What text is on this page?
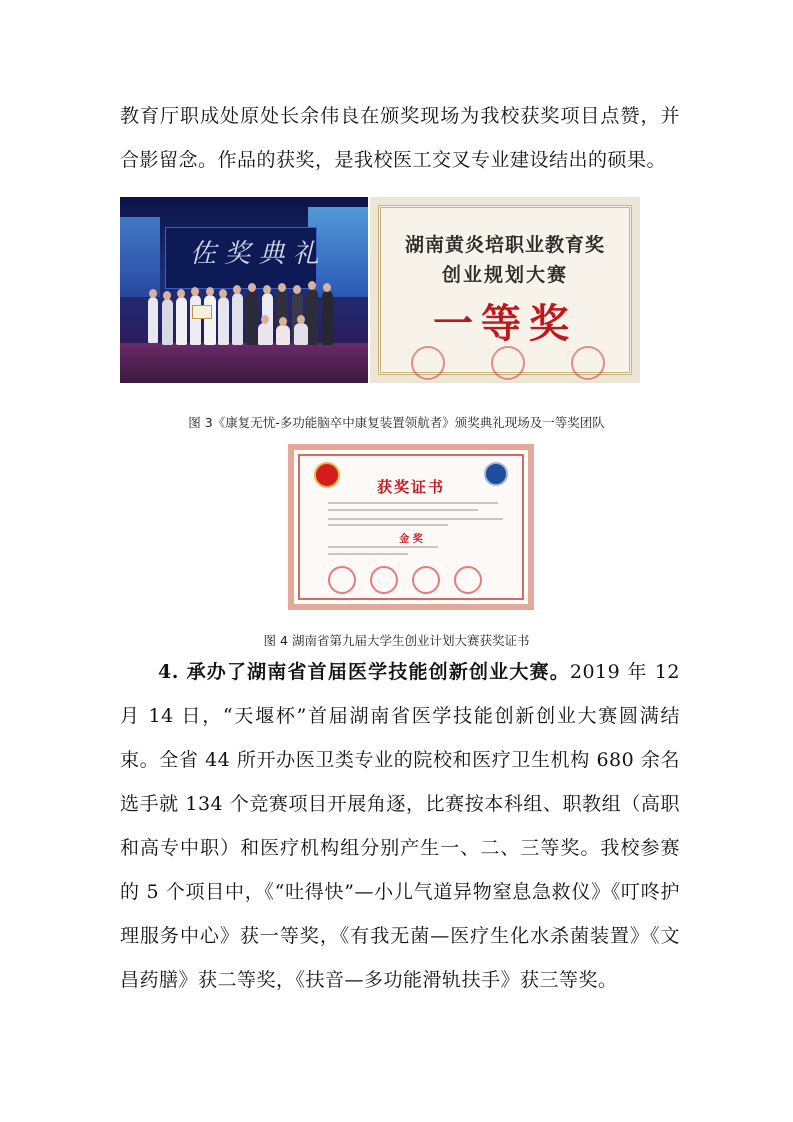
教育厅职成处原处长余伟良在颁奖现场为我校获奖项目点赞，并合影留念。作品的获奖，是我校医工交叉专业建设结出的硕果。

佐 奖 典 礼	湖南黄炎培职业教育奖
创业规划大赛
一等奖

图 3《康复无忧-多功能脑卒中康复装置领航者》颁奖典礼现场及一等奖团队

获奖证书
金 奖

图 4 湖南省第九届大学生创业计划大赛获奖证书

4. 承办了湖南省首届医学技能创新创业大赛。2019 年 12 月 14 日，“天堰杯”首届湖南省医学技能创新创业大赛圆满结束。全省 44 所开办医卫类专业的院校和医疗卫生机构 680 余名选手就 134 个竞赛项目开展角逐，比赛按本科组、职教组（高职和高专中职）和医疗机构组分别产生一、二、三等奖。我校参赛的 5 个项目中，《“吐得快”—小儿气道异物窒息急救仪》《叮咚护理服务中心》获一等奖，《有我无菌—医疗生化水杀菌装置》《文昌药膳》获二等奖，《扶音—多功能滑轨扶手》获三等奖。
